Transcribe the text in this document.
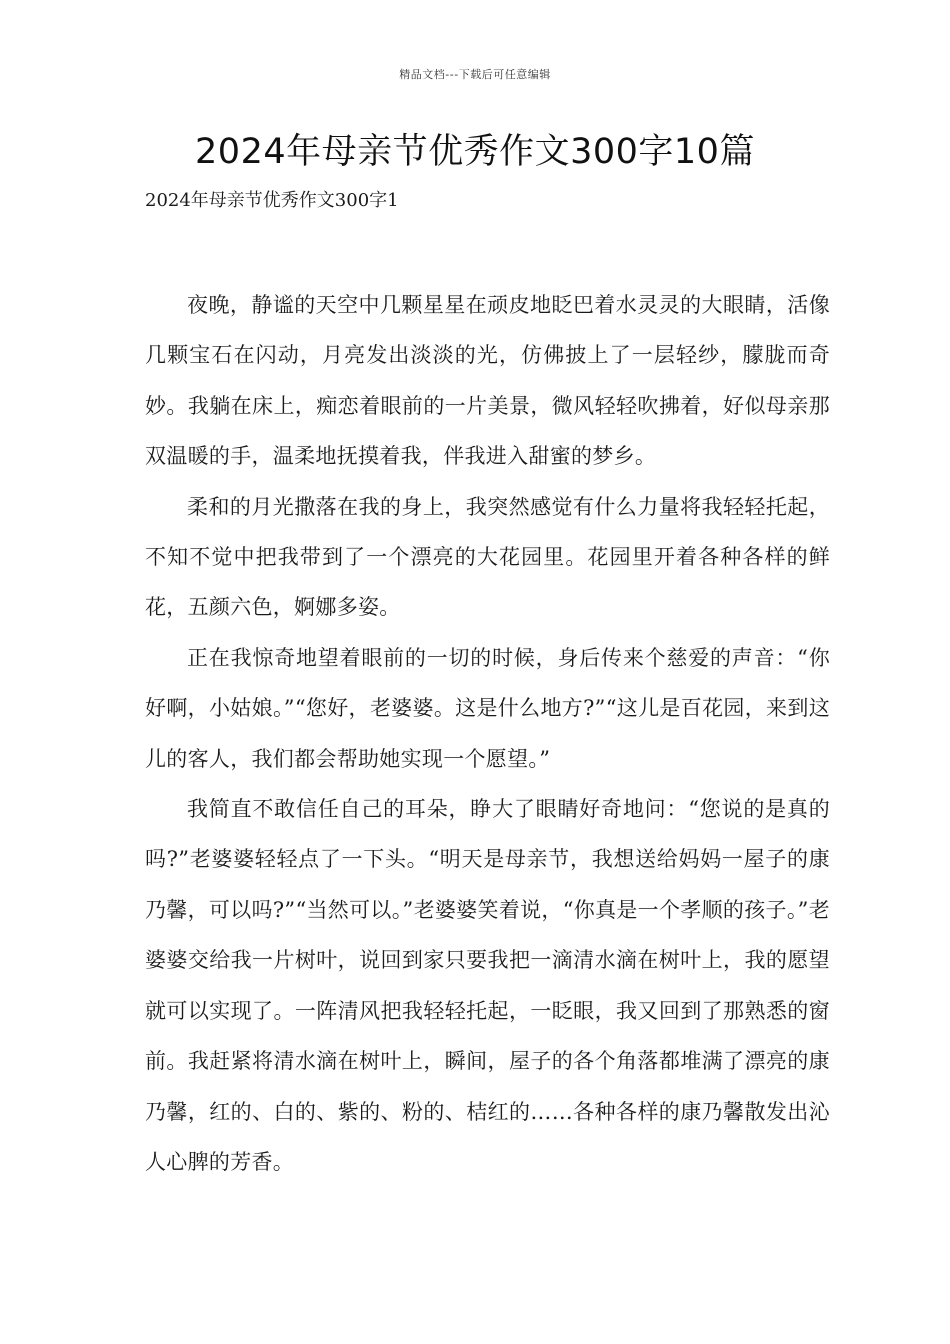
精品文档---下载后可任意编辑
2024年母亲节优秀作文300字10篇

2024年母亲节优秀作文300字1

夜晚，静谧的天空中几颗星星在顽皮地眨巴着水灵灵的大眼睛，活像几颗宝石在闪动，月亮发出淡淡的光，仿佛披上了一层轻纱，朦胧而奇妙。我躺在床上，痴恋着眼前的一片美景，微风轻轻吹拂着，好似母亲那双温暖的手，温柔地抚摸着我，伴我进入甜蜜的梦乡。

柔和的月光撒落在我的身上，我突然感觉有什么力量将我轻轻托起，不知不觉中把我带到了一个漂亮的大花园里。花园里开着各种各样的鲜花，五颜六色，婀娜多姿。

正在我惊奇地望着眼前的一切的时候，身后传来个慈爱的声音：“你好啊，小姑娘。”“您好，老婆婆。这是什么地方?”“这儿是百花园，来到这儿的客人，我们都会帮助她实现一个愿望。”

我简直不敢信任自己的耳朵，睁大了眼睛好奇地问：“您说的是真的吗?”老婆婆轻轻点了一下头。“明天是母亲节，我想送给妈妈一屋子的康乃馨，可以吗?”“当然可以。”老婆婆笑着说，“你真是一个孝顺的孩子。”老婆婆交给我一片树叶，说回到家只要我把一滴清水滴在树叶上，我的愿望就可以实现了。一阵清风把我轻轻托起，一眨眼，我又回到了那熟悉的窗前。我赶紧将清水滴在树叶上，瞬间，屋子的各个角落都堆满了漂亮的康乃馨，红的、白的、紫的、粉的、桔红的……各种各样的康乃馨散发出沁人心脾的芳香。
